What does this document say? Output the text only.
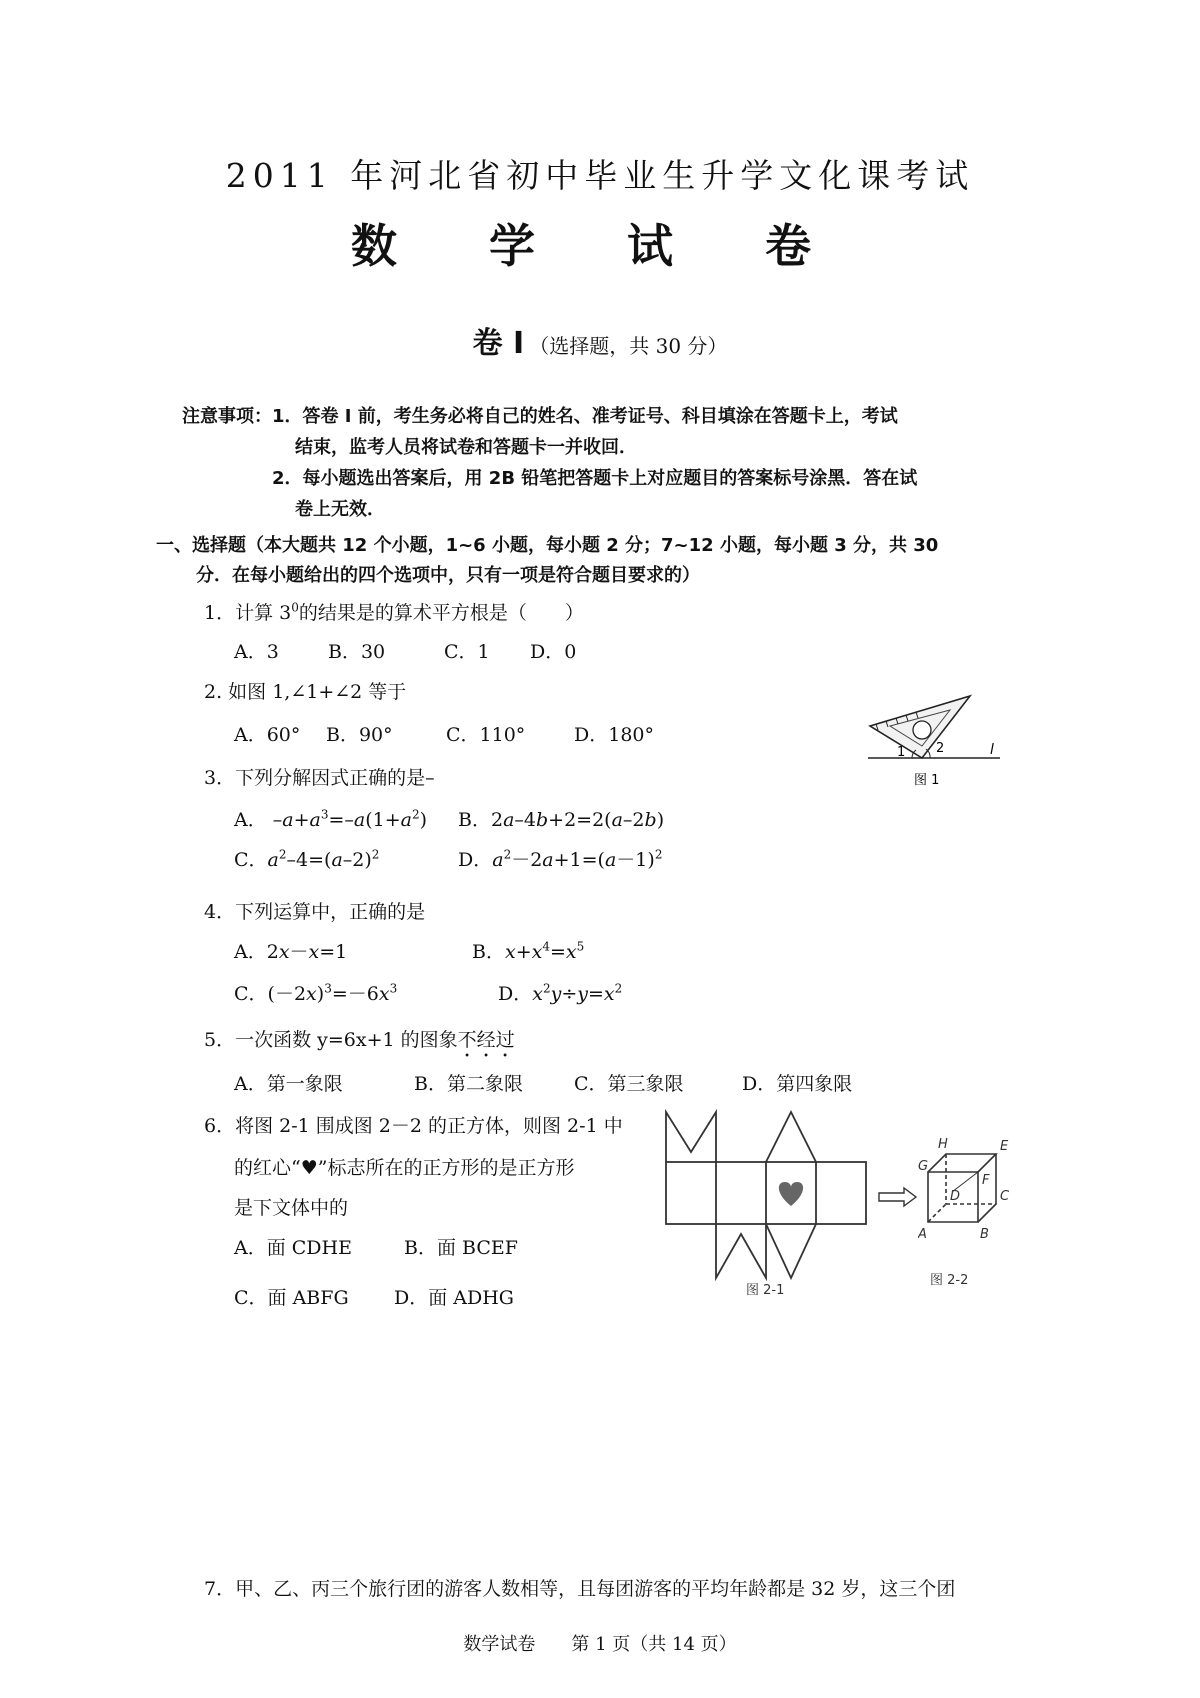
2011 年河北省初中毕业生升学文化课考试
数 学 试 卷
卷 I （选择题，共 30 分）
注意事项： 1．答卷 I 前，考生务必将自己的姓名、准考证号、科目填涂在答题卡上，考试
结束，监考人员将试卷和答题卡一并收回．
2．每小题选出答案后，用 2B 铅笔把答题卡上对应题目的答案标号涂黑．答在试
卷上无效．
一、选择题（本大题共 12 个小题，1~6 小题，每小题 2 分；7~12 小题，每小题 3 分，共 30
分．在每小题给出的四个选项中，只有一项是符合题目要求的）
1．计算 $3^0$的结果是的算术平方根是（　　）
A．3	B．30	C．1 D．0
2. 如图 1,∠1+∠2 等于
A．60° B．90°	C．110°	D．180°
1 2	l
图 1
3．下列分解因式正确的是–
A． $-a+a^3=-a(1+a^2)$ B．2a–4b+2=2(a–2b)
C．$a^2-4=(a-2)^2$	D．$a^2-2a+1=(a-1)^2$
4．下列运算中，正确的是
A．2x－x=1	B．$x+x^4=x^5$
C．$(-2x)^3=-6x^3$	D．$x^2y\div y=x^2$
5．一次函数 y=6x+1 的图象不经过
A．第一象限	B．第二象限	C．第三象限	D．第四象限
6．将图 2-1 围成图 2－2 的正方体，则图 2-1 中
的红心“♥”标志所在的正方形的是正方形
是下文体中的
A．面 CDHE	B．面 BCEF
C．面 ABFG D．面 ADHG	图 2-1
H	E
G
F
C
D
A	B
图 2-2
7．甲、乙、丙三个旅行团的游客人数相等，且每团游客的平均年龄都是 32 岁，这三个团
数学试卷　　第 1 页（共 14 页）
